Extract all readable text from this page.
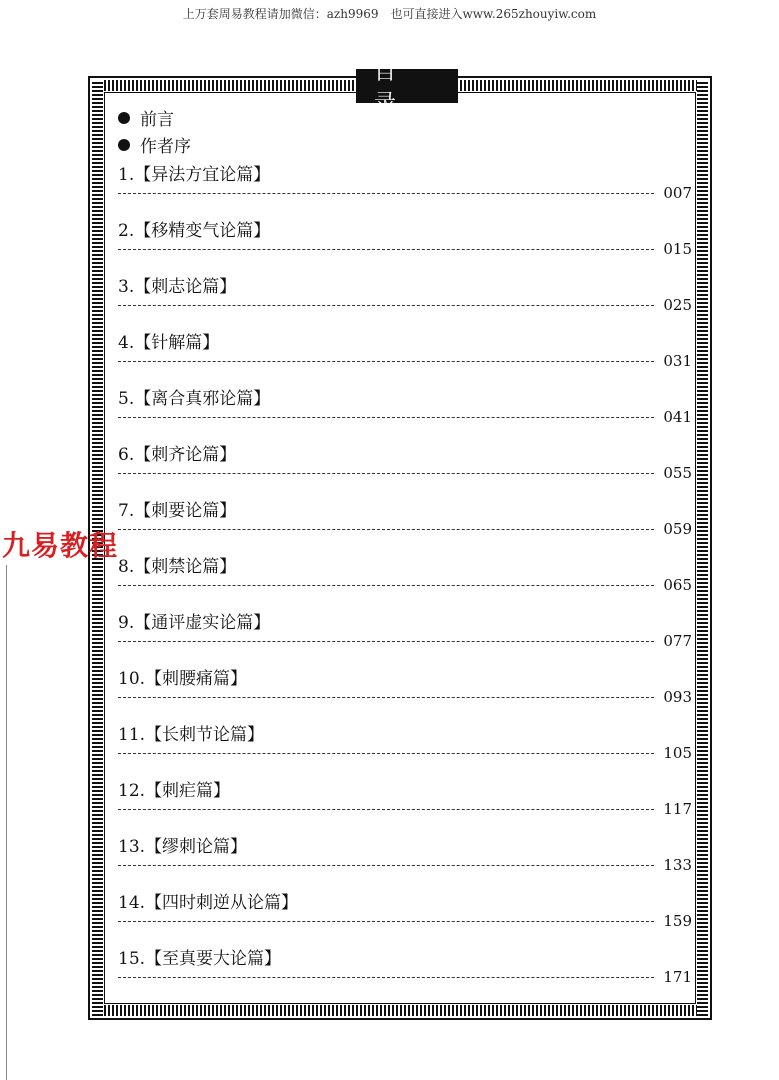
上万套周易教程请加微信：azh9969　也可直接进入www.265zhouyiw.com
目
前言
作者序
1.【异法方宜论篇】
007
2.【移精变气论篇】
015
3.【刺志论篇】
025
4.【针解篇】
031
5.【离合真邪论篇】
041
6.【刺齐论篇】
055
7.【刺要论篇】
059
8.【刺禁论篇】
065
9.【通评虚实论篇】
077
10.【刺腰痛篇】
093
11.【长刺节论篇】
105
12.【刺疟篇】
117
13.【缪刺论篇】
133
14.【四时刺逆从论篇】
159
15.【至真要大论篇】
171
九易教程
